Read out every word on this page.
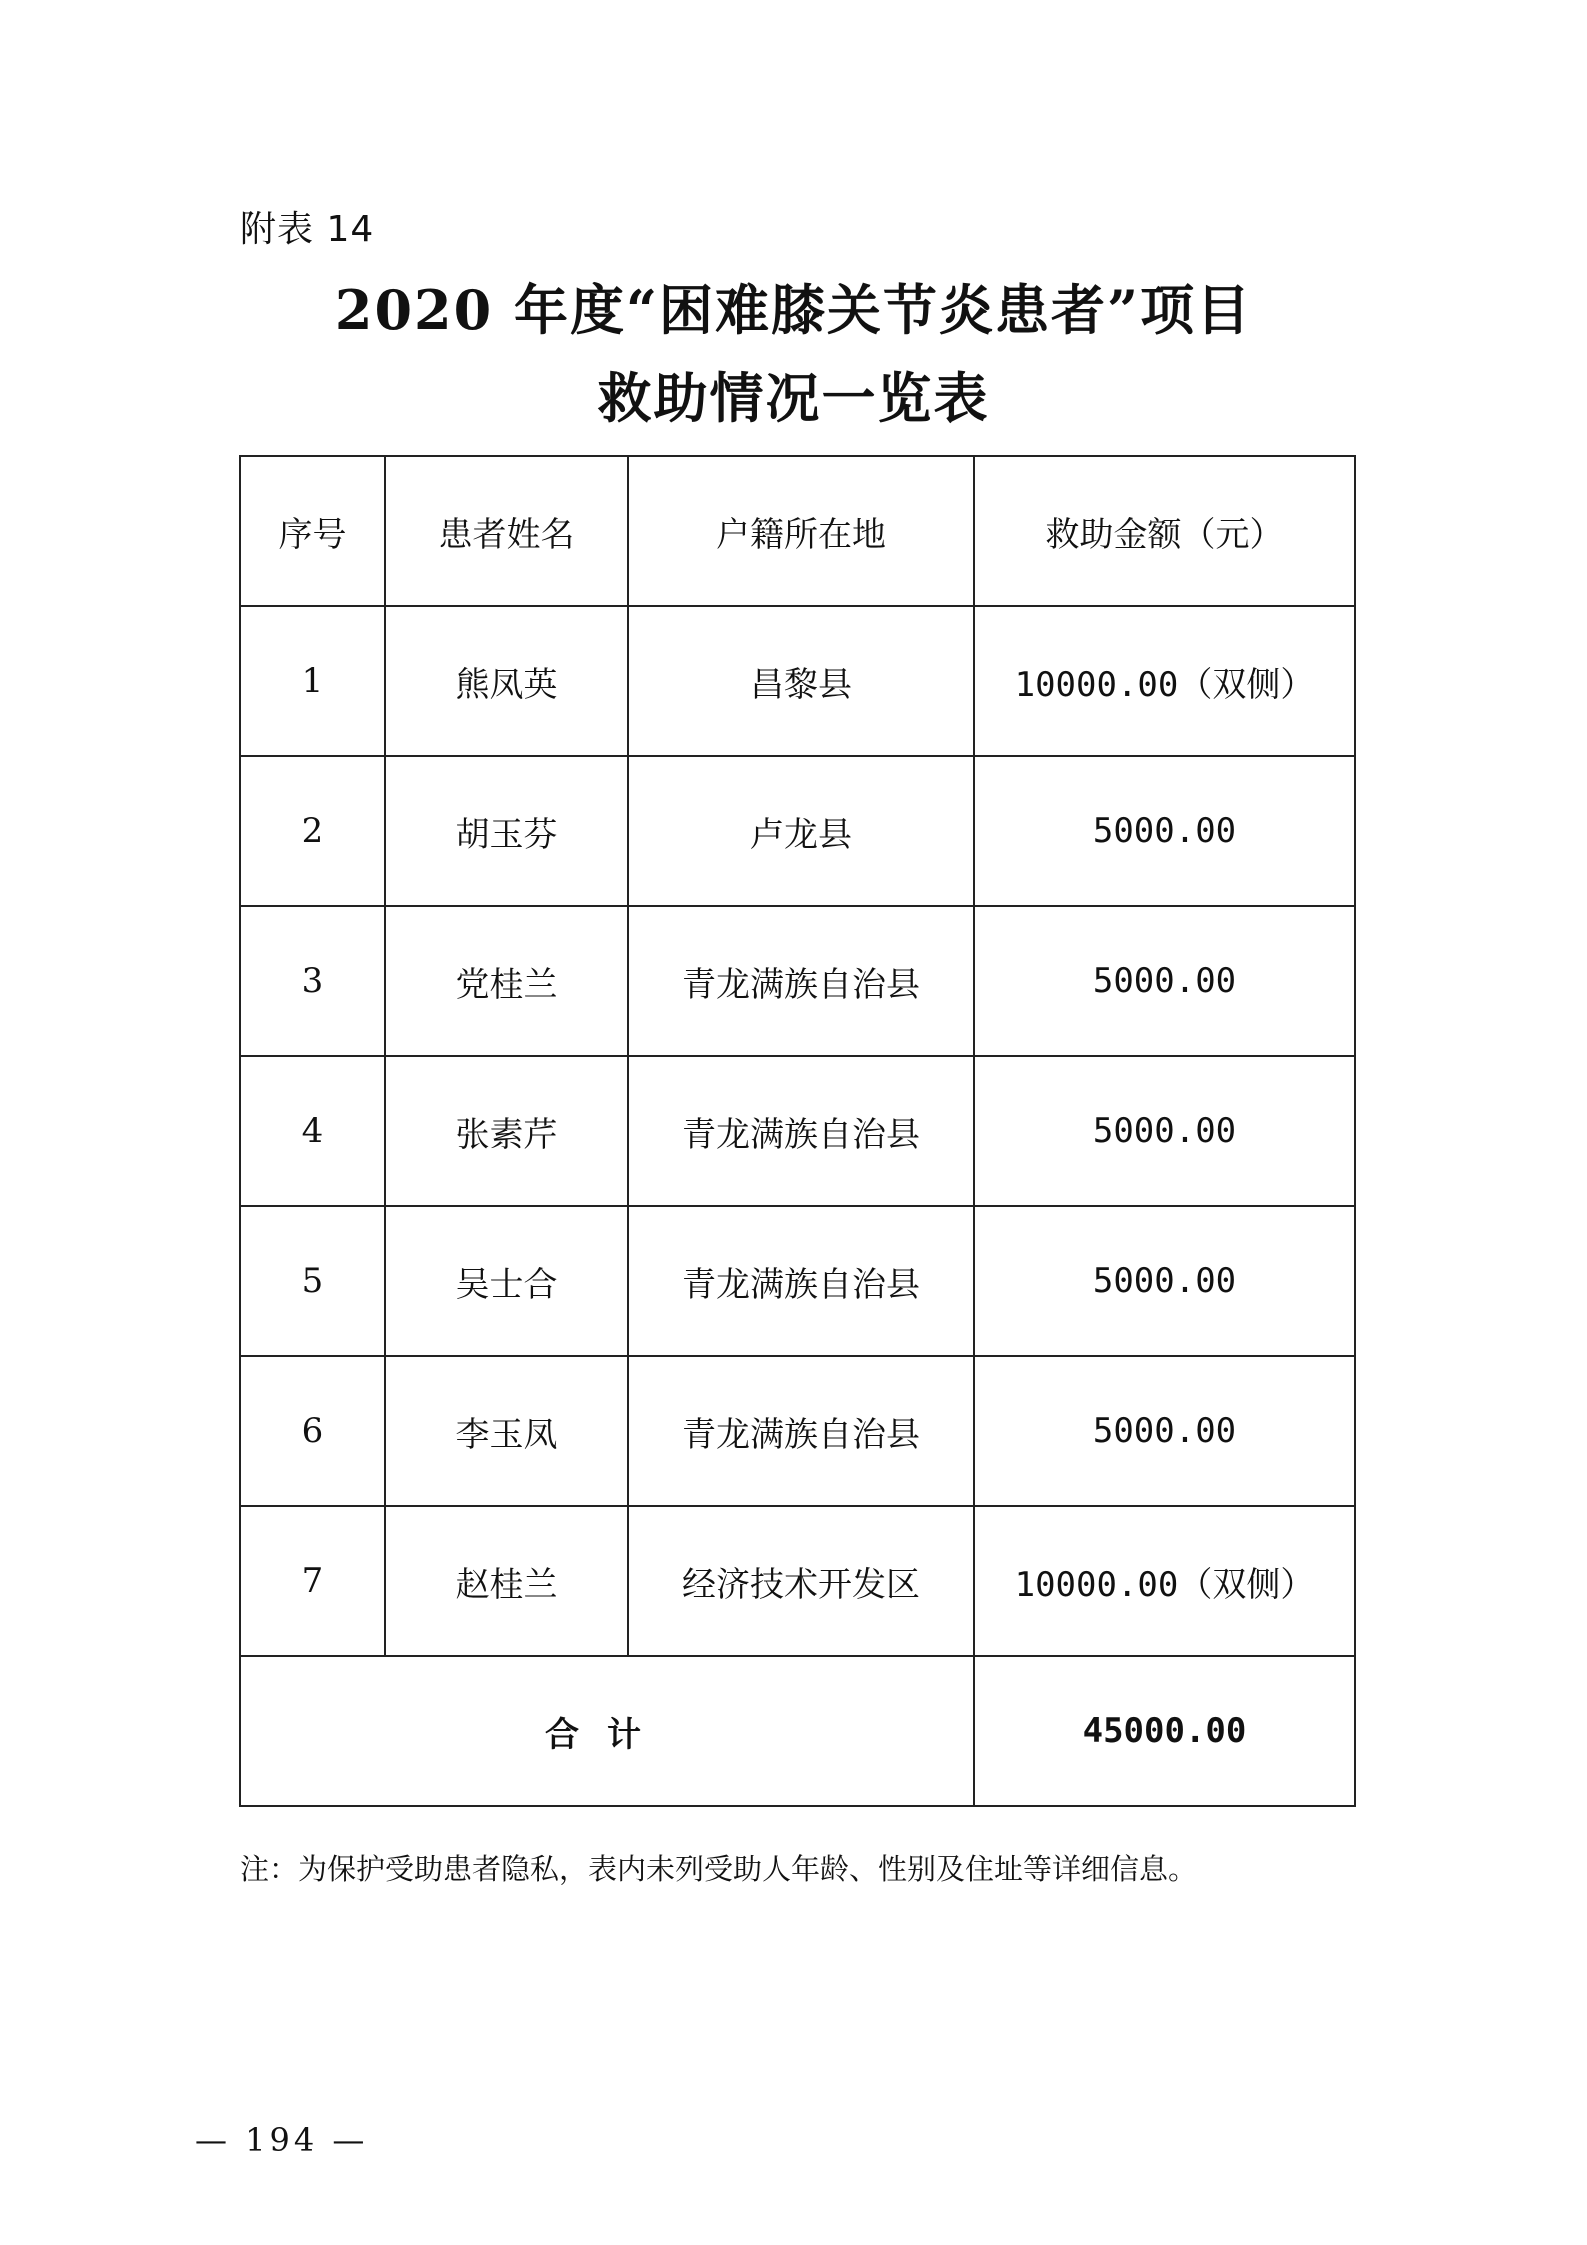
附表 14
2020 年度“困难膝关节炎患者”项目
救助情况一览表
序号	患者姓名	户籍所在地	救助金额（元）
1	熊凤英	昌黎县	10000.00（双侧）
2	胡玉芬	卢龙县	5000.00
3	党桂兰	青龙满族自治县	5000.00
4	张素芹	青龙满族自治县	5000.00
5	吴士合	青龙满族自治县	5000.00
6	李玉凤	青龙满族自治县	5000.00
7	赵桂兰	经济技术开发区	10000.00（双侧）
合计			45000.00
注：为保护受助患者隐私，表内未列受助人年龄、性别及住址等详细信息。
— 194 —
